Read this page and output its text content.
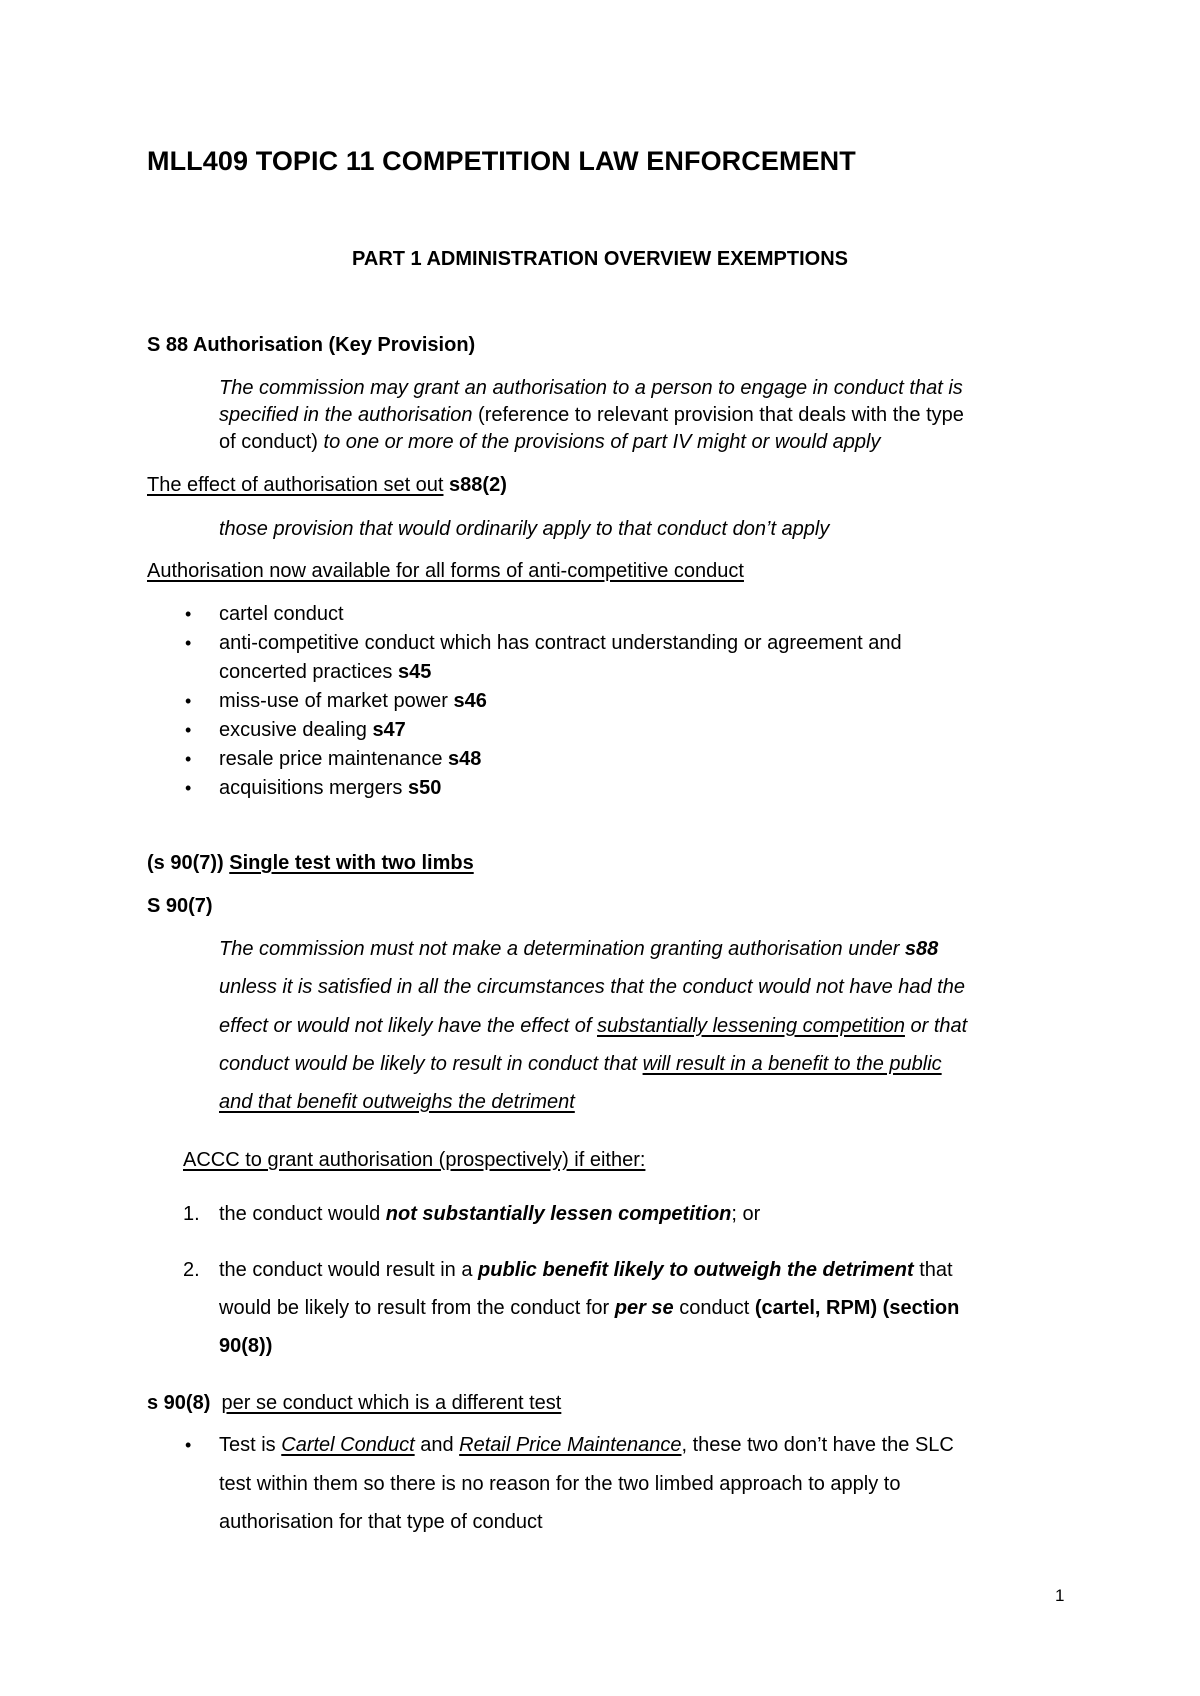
MLL409 TOPIC 11 COMPETITION LAW ENFORCEMENT
PART 1 ADMINISTRATION OVERVIEW EXEMPTIONS
S 88 Authorisation (Key Provision)
The commission may grant an authorisation to a person to engage in conduct that is
specified in the authorisation (reference to relevant provision that deals with the type
of conduct) to one or more of the provisions of part IV might or would apply
The effect of authorisation set out s88(2)
those provision that would ordinarily apply to that conduct don’t apply
Authorisation now available for all forms of anti-competitive conduct
• cartel conduct
• anti-competitive conduct which has contract understanding or agreement and
concerted practices s45
• miss-use of market power s46
• excusive dealing s47
• resale price maintenance s48
• acquisitions mergers s50
(s 90(7)) Single test with two limbs
S 90(7)
The commission must not make a determination granting authorisation under s88
unless it is satisfied in all the circumstances that the conduct would not have had the
effect or would not likely have the effect of substantially lessening competition or that
conduct would be likely to result in conduct that will result in a benefit to the public
and that benefit outweighs the detriment
ACCC to grant authorisation (prospectively) if either:
1. the conduct would not substantially lessen competition; or
2. the conduct would result in a public benefit likely to outweigh the detriment that
would be likely to result from the conduct for per se conduct (cartel, RPM) (section
90(8))
s 90(8) per se conduct which is a different test
• Test is Cartel Conduct and Retail Price Maintenance, these two don’t have the SLC
test within them so there is no reason for the two limbed approach to apply to
authorisation for that type of conduct
1
